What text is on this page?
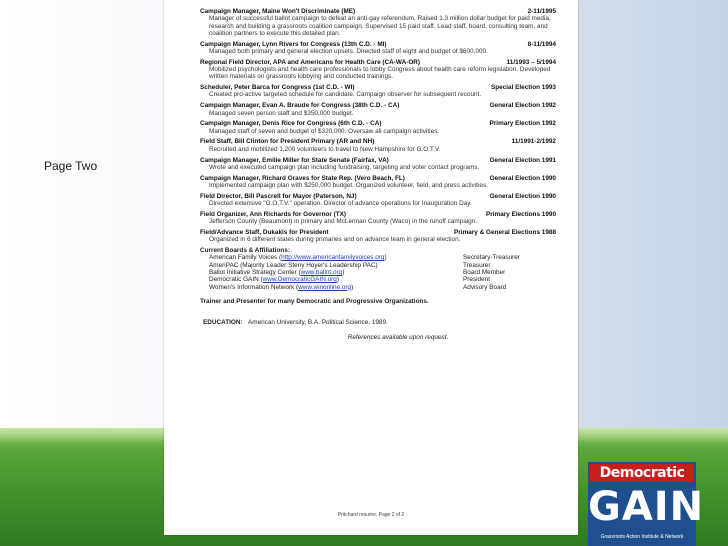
Page Two
Campaign Manager, Maine Won't Discriminate (ME)	2-11/1995
Manager of successful ballot campaign to defeat an anti-gay referendum. Raised 1.3 million dollar budget for paid media, research and building a grassroots coalition campaign. Supervised 15 paid staff. Lead staff, board, consulting team, and coalition partners to execute this detailed plan.
Campaign Manager, Lynn Rivers for Congress (13th C.D. - MI)	8-11/1994
Managed both primary and general election upsets. Directed staff of eight and budget of $600,000.
Regional Field Director, APA and Americans for Health Care (CA-WA-OR)	11/1993 – 5/1994
Mobilized psychologists and health care professionals to lobby Congress about health care reform legislation. Developed written materials on grassroots lobbying and conducted trainings.
Scheduler, Peter Barca for Congress (1st C.D. - WI)	Special Election 1993
Created pro-active targeted schedule for candidate. Campaign observer for subsequent recount.
Campaign Manager, Evan A. Braude for Congress (38th C.D. - CA)	General Election 1992
Managed seven person staff and $350,000 budget.
Campaign Manager, Denis Rice for Congress (6th C.D. - CA)	Primary Election 1992
Managed staff of seven and budget of $320,000. Oversaw all campaign activities.
Field Staff, Bill Clinton for President Primary (AR and NH)	11/1991-2/1992
Recruited and mobilized 1,200 volunteers to travel to New Hampshire for G.O.T.V.
Campaign Manager, Emilie Miller for State Senate (Fairfax, VA)	General Election 1991
Wrote and executed campaign plan including fundraising, targeting and voter contact programs.
Campaign Manager, Richard Graves for State Rep. (Vero Beach, FL)	General Election 1990
Implemented campaign plan with $250,000 budget. Organized volunteer, field, and press activities.
Field Director, Bill Pascrell for Mayor (Paterson, NJ)	General Election 1990
Directed extensive "G.O.T.V." operation. Director of advance operations for Inauguration Day.
Field Organizer, Ann Richards for Governor (TX)	Primary Elections 1990
Jefferson County (Beaumont) in primary and McLennan County (Waco) in the runoff campaign.
Field/Advance Staff, Dukakis for President	Primary & General Elections 1988
Organized in 6 different states during primaries and on advance team in general election.
Current Boards & Affiliations:
American Family Voices (http://www.americanfamilyvoices.org)	Secretary-Treasurer
AmeriPAC (Majority Leader Steny Hoyer's Leadership PAC)	Treasurer
Ballot Initiative Strategy Center (www.ballot.org)	Board Member
Democratic GAIN (www.DemocraticGAIN.org)	President
Women's Information Network (www.winonline.org)	Advisory Board
Trainer and Presenter for many Democratic and Progressive Organizations.
EDUCATION: American University, B.A. Political Science, 1989.
References available upon request.
Pritchard resume, Page 2 of 2
Democratic
GAIN
Grassroots Action Institute & Network
